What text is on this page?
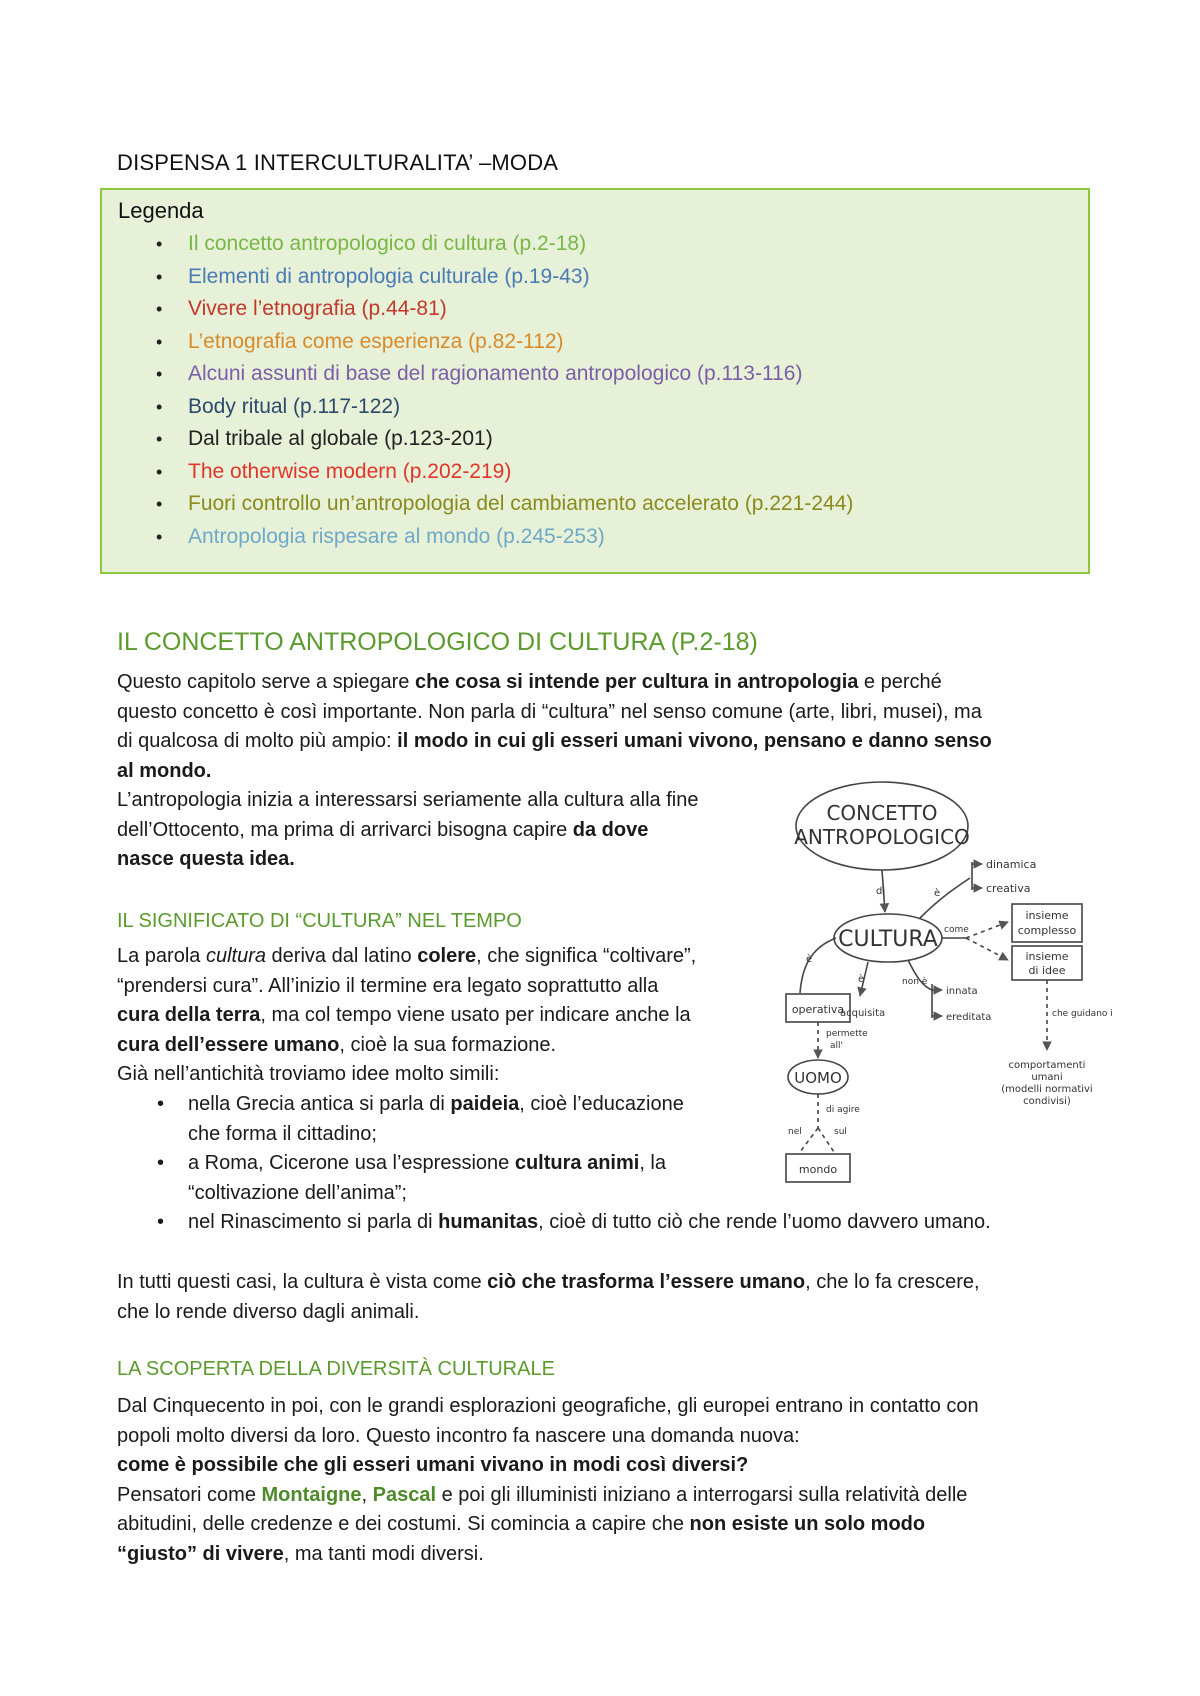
DISPENSA 1 INTERCULTURALITA’ –MODA
Legenda
• Il concetto antropologico di cultura (p.2-18)
• Elementi di antropologia culturale (p.19-43)
• Vivere l’etnografia (p.44-81)
• L’etnografia come esperienza (p.82-112)
• Alcuni assunti di base del ragionamento antropologico (p.113-116)
• Body ritual (p.117-122)
• Dal tribale al globale (p.123-201)
• The otherwise modern (p.202-219)
• Fuori controllo un’antropologia del cambiamento accelerato (p.221-244)
• Antropologia rispesare al mondo (p.245-253)
IL CONCETTO ANTROPOLOGICO DI CULTURA (P.2-18)

Questo capitolo serve a spiegare che cosa si intende per cultura in antropologia e perché
questo concetto è così importante. Non parla di “cultura” nel senso comune (arte, libri, musei), ma
di qualcosa di molto più ampio: il modo in cui gli esseri umani vivono, pensano e danno senso
al mondo.

L’antropologia inizia a interessarsi seriamente alla cultura alla fine
dell’Ottocento, ma prima di arrivarci bisogna capire da dove
nasce questa idea.

IL SIGNIFICATO DI “CULTURA” NEL TEMPO

La parola cultura deriva dal latino colere, che significa “coltivare”,
“prendersi cura”. All’inizio il termine era legato soprattutto alla
cura della terra, ma col tempo viene usato per indicare anche la
cura dell’essere umano, cioè la sua formazione.
Già nell’antichità troviamo idee molto simili:

• nella Grecia antica si parla di paideia, cioè l’educazione
che forma il cittadino;
• a Roma, Cicerone usa l’espressione cultura animi, la
“coltivazione dell’anima”;
• nel Rinascimento si parla di humanitas, cioè di tutto ciò che rende l’uomo davvero umano.

In tutti questi casi, la cultura è vista come ciò che trasforma l’essere umano, che lo fa crescere,
che lo rende diverso dagli animali.

LA SCOPERTA DELLA DIVERSITÀ CULTURALE

Dal Cinquecento in poi, con le grandi esplorazioni geografiche, gli europei entrano in contatto con
popoli molto diversi da loro. Questo incontro fa nascere una domanda nuova:
come è possibile che gli esseri umani vivano in modi così diversi?
Pensatori come Montaigne, Pascal e poi gli illuministi iniziano a interrogarsi sulla relatività delle
abitudini, delle credenze e dei costumi. Si comincia a capire che non esiste un solo modo
“giusto” di vivere, ma tanti modi diversi.

CONCETTO
ANTROPOLOGICO
CULTURA
di	è
dinamica
creativa
come
insieme
complesso
insieme
di idee
che guidano i
comportamenti
umani
(modelli normativi
condivisi)
è
operativa
è
acquisita
non è
innata
ereditata
permette
all'
UOMO
di agire
nel	sul
mondo
